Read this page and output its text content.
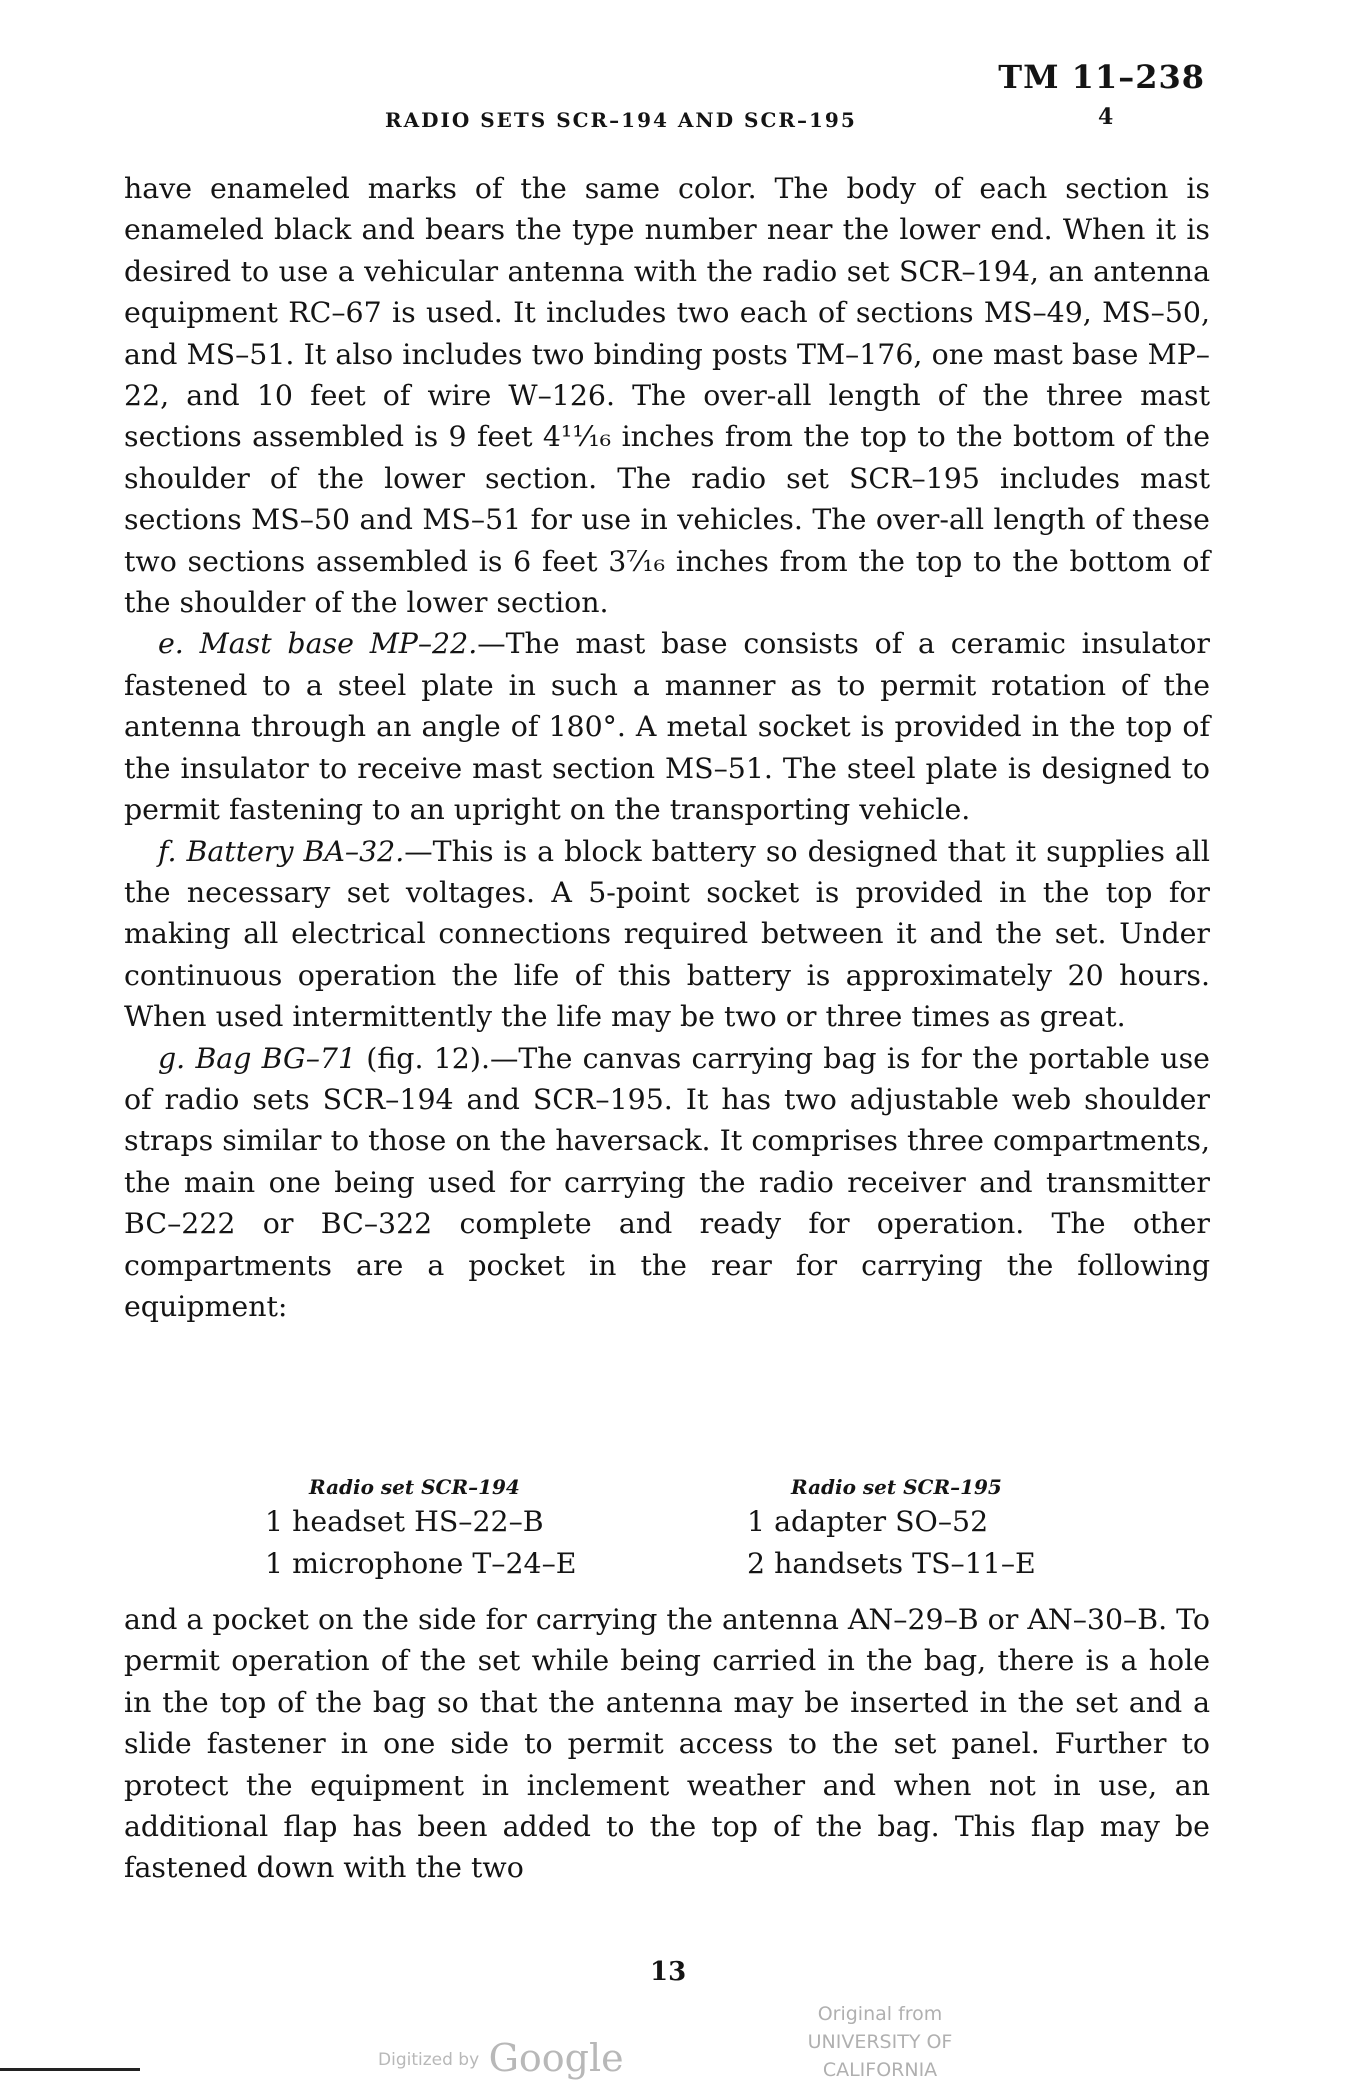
TM 11–238
RADIO SETS SCR–194 AND SCR–195	4

have enameled marks of the same color. The body of each section is enameled black and bears the type number near the lower end. When it is desired to use a vehicular antenna with the radio set SCR–194, an antenna equipment RC–67 is used. It includes two each of sections MS–49, MS–50, and MS–51. It also includes two binding posts TM–176, one mast base MP–22, and 10 feet of wire W–126. The over-all length of the three mast sections assembled is 9 feet 4¹¹⁄₁₆ inches from the top to the bottom of the shoulder of the lower section. The radio set SCR–195 includes mast sections MS–50 and MS–51 for use in vehicles. The over-all length of these two sections assembled is 6 feet 3⁷⁄₁₆ inches from the top to the bottom of the shoulder of the lower section.

e. Mast base MP–22.—The mast base consists of a ceramic insulator fastened to a steel plate in such a manner as to permit rotation of the antenna through an angle of 180°. A metal socket is provided in the top of the insulator to receive mast section MS–51. The steel plate is designed to permit fastening to an upright on the transporting vehicle.

f. Battery BA–32.—This is a block battery so designed that it supplies all the necessary set voltages. A 5-point socket is provided in the top for making all electrical connections required between it and the set. Under continuous operation the life of this battery is approximately 20 hours. When used intermittently the life may be two or three times as great.

g. Bag BG–71 (fig. 12).—The canvas carrying bag is for the portable use of radio sets SCR–194 and SCR–195. It has two adjustable web shoulder straps similar to those on the haversack. It comprises three compartments, the main one being used for carrying the radio receiver and transmitter BC–222 or BC–322 complete and ready for operation. The other compartments are a pocket in the rear for carrying the following equipment:

Radio set SCR–194
1 headset HS–22–B
1 microphone T–24–E
Radio set SCR–195
1 adapter SO–52
2 handsets TS–11–E

and a pocket on the side for carrying the antenna AN–29–B or AN–30–B. To permit operation of the set while being carried in the bag, there is a hole in the top of the bag so that the antenna may be inserted in the set and a slide fastener in one side to permit access to the set panel. Further to protect the equipment in inclement weather and when not in use, an additional flap has been added to the top of the bag. This flap may be fastened down with the two

13
Digitized by Google
Original from
UNIVERSITY OF CALIFORNIA
